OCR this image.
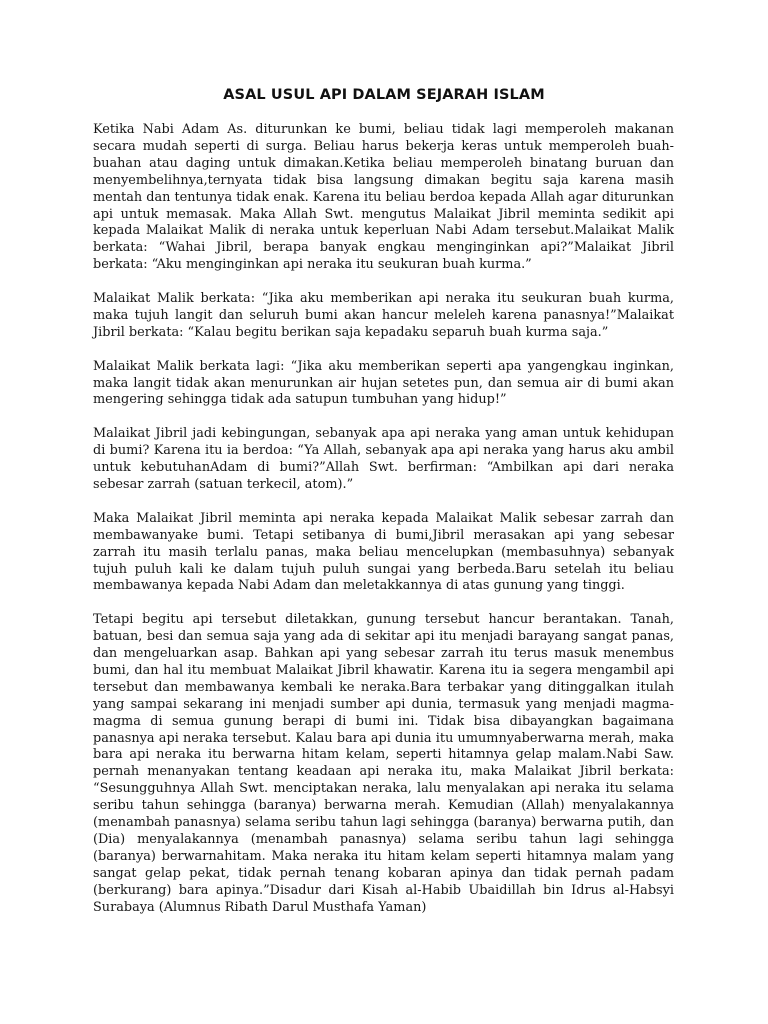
ASAL USUL API DALAM SEJARAH ISLAM

Ketika Nabi Adam As. diturunkan ke bumi, beliau tidak lagi memperoleh makanan secara mudah seperti di surga. Beliau harus bekerja keras untuk memperoleh buah-buahan atau daging untuk dimakan.Ketika beliau memperoleh binatang buruan dan menyembelihnya,ternyata tidak bisa langsung dimakan begitu saja karena masih mentah dan tentunya tidak enak. Karena itu beliau berdoa kepada Allah agar diturunkan api untuk memasak. Maka Allah Swt. mengutus Malaikat Jibril meminta sedikit api kepada Malaikat Malik di neraka untuk keperluan Nabi Adam tersebut.Malaikat Malik berkata: “Wahai Jibril, berapa banyak engkau menginginkan api?”Malaikat Jibril berkata: “Aku menginginkan api neraka itu seukuran buah kurma.”

Malaikat Malik berkata: “Jika aku memberikan api neraka itu seukuran buah kurma, maka tujuh langit dan seluruh bumi akan hancur meleleh karena panasnya!”Malaikat Jibril berkata: “Kalau begitu berikan saja kepadaku separuh buah kurma saja.”

Malaikat Malik berkata lagi: “Jika aku memberikan seperti apa yangengkau inginkan, maka langit tidak akan menurunkan air hujan setetes pun, dan semua air di bumi akan mengering sehingga tidak ada satupun tumbuhan yang hidup!”

Malaikat Jibril jadi kebingungan, sebanyak apa api neraka yang aman untuk kehidupan di bumi? Karena itu ia berdoa: “Ya Allah, sebanyak apa api neraka yang harus aku ambil untuk kebutuhanAdam di bumi?”Allah Swt. berfirman: “Ambilkan api dari neraka sebesar zarrah (satuan terkecil, atom).”

Maka Malaikat Jibril meminta api neraka kepada Malaikat Malik sebesar zarrah dan membawanyake bumi. Tetapi setibanya di bumi,Jibril merasakan api yang sebesar zarrah itu masih terlalu panas, maka beliau mencelupkan (membasuhnya) sebanyak tujuh puluh kali ke dalam tujuh puluh sungai yang berbeda.Baru setelah itu beliau membawanya kepada Nabi Adam dan meletakkannya di atas gunung yang tinggi.

Tetapi begitu api tersebut diletakkan, gunung tersebut hancur berantakan. Tanah, batuan, besi dan semua saja yang ada di sekitar api itu menjadi barayang sangat panas, dan mengeluarkan asap. Bahkan api yang sebesar zarrah itu terus masuk menembus bumi, dan hal itu membuat Malaikat Jibril khawatir. Karena itu ia segera mengambil api tersebut dan membawanya kembali ke neraka.Bara terbakar yang ditinggalkan itulah yang sampai sekarang ini menjadi sumber api dunia, termasuk yang menjadi magma-magma di semua gunung berapi di bumi ini. Tidak bisa dibayangkan bagaimana panasnya api neraka tersebut. Kalau bara api dunia itu umumnyaberwarna merah, maka bara api neraka itu berwarna hitam kelam, seperti hitamnya gelap malam.Nabi Saw. pernah menanyakan tentang keadaan api neraka itu, maka Malaikat Jibril berkata: “Sesungguhnya Allah Swt. menciptakan neraka, lalu menyalakan api neraka itu selama seribu tahun sehingga (baranya) berwarna merah. Kemudian (Allah) menyalakannya (menambah panasnya) selama seribu tahun lagi sehingga (baranya) berwarna putih, dan (Dia) menyalakannya (menambah panasnya) selama seribu tahun lagi sehingga (baranya) berwarnahitam. Maka neraka itu hitam kelam seperti hitamnya malam yang sangat gelap pekat, tidak pernah tenang kobaran apinya dan tidak pernah padam (berkurang) bara apinya.”Disadur dari Kisah al-Habib Ubaidillah bin Idrus al-Habsyi Surabaya (Alumnus Ribath Darul Musthafa Yaman)
